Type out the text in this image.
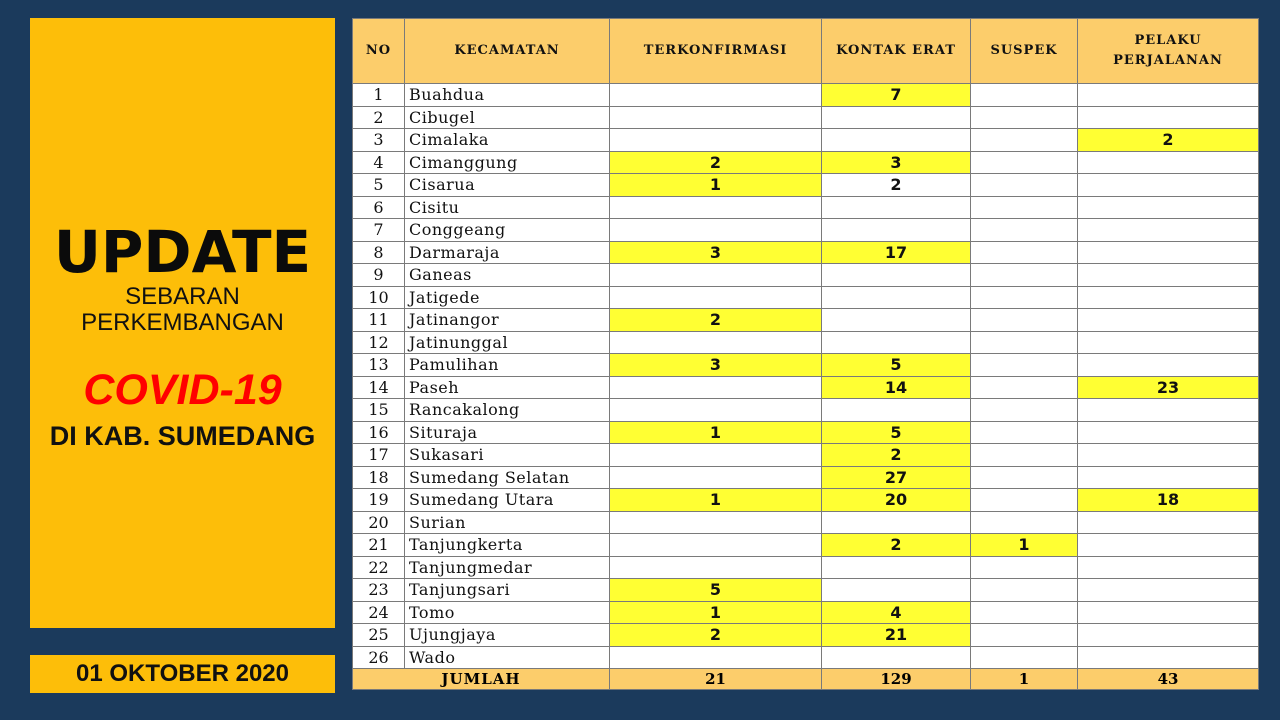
UPDATE
SEBARAN
PERKEMBANGAN
COVID-19
DI KAB. SUMEDANG
01 OKTOBER 2020
NO	KECAMATAN	TERKONFIRMASI	KONTAK ERAT	SUSPEK	PELAKU
PERJALANAN
1	Buahdua		7		
2	Cibugel				
3	Cimalaka				2
4	Cimanggung	2	3		
5	Cisarua	1	2		
6	Cisitu				
7	Conggeang				
8	Darmaraja	3	17		
9	Ganeas				
10	Jatigede				
11	Jatinangor	2			
12	Jatinunggal				
13	Pamulihan	3	5		
14	Paseh		14		23
15	Rancakalong				
16	Situraja	1	5		
17	Sukasari		2		
18	Sumedang Selatan		27		
19	Sumedang Utara	1	20		18
20	Surian				
21	Tanjungkerta		2	1	
22	Tanjungmedar				
23	Tanjungsari	5			
24	Tomo	1	4		
25	Ujungjaya	2	21		
26	Wado				
JUMLAH		21	129	1	43
